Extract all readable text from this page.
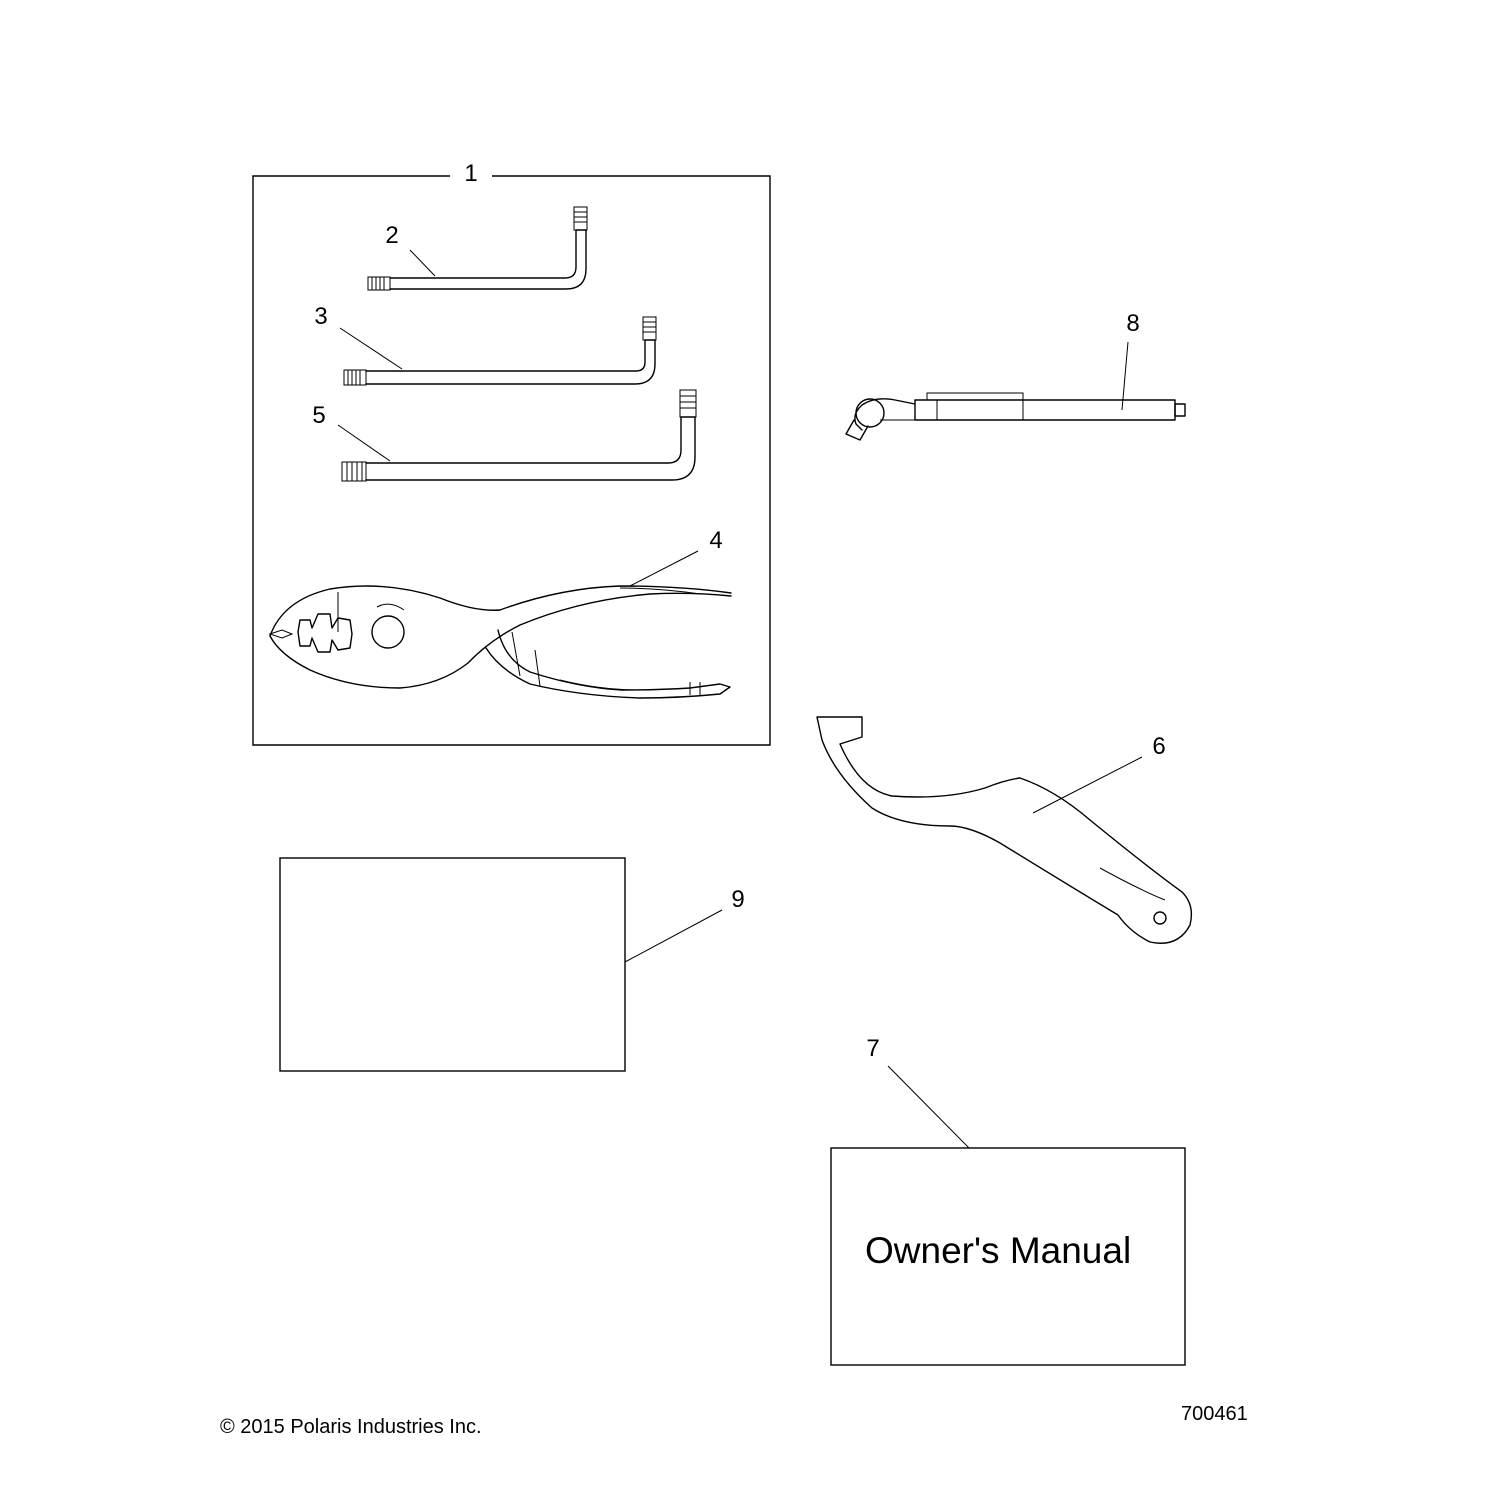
1
2
3
5
4
8
6
9
Owner's Manual
7
© 2015 Polaris Industries Inc.
700461
